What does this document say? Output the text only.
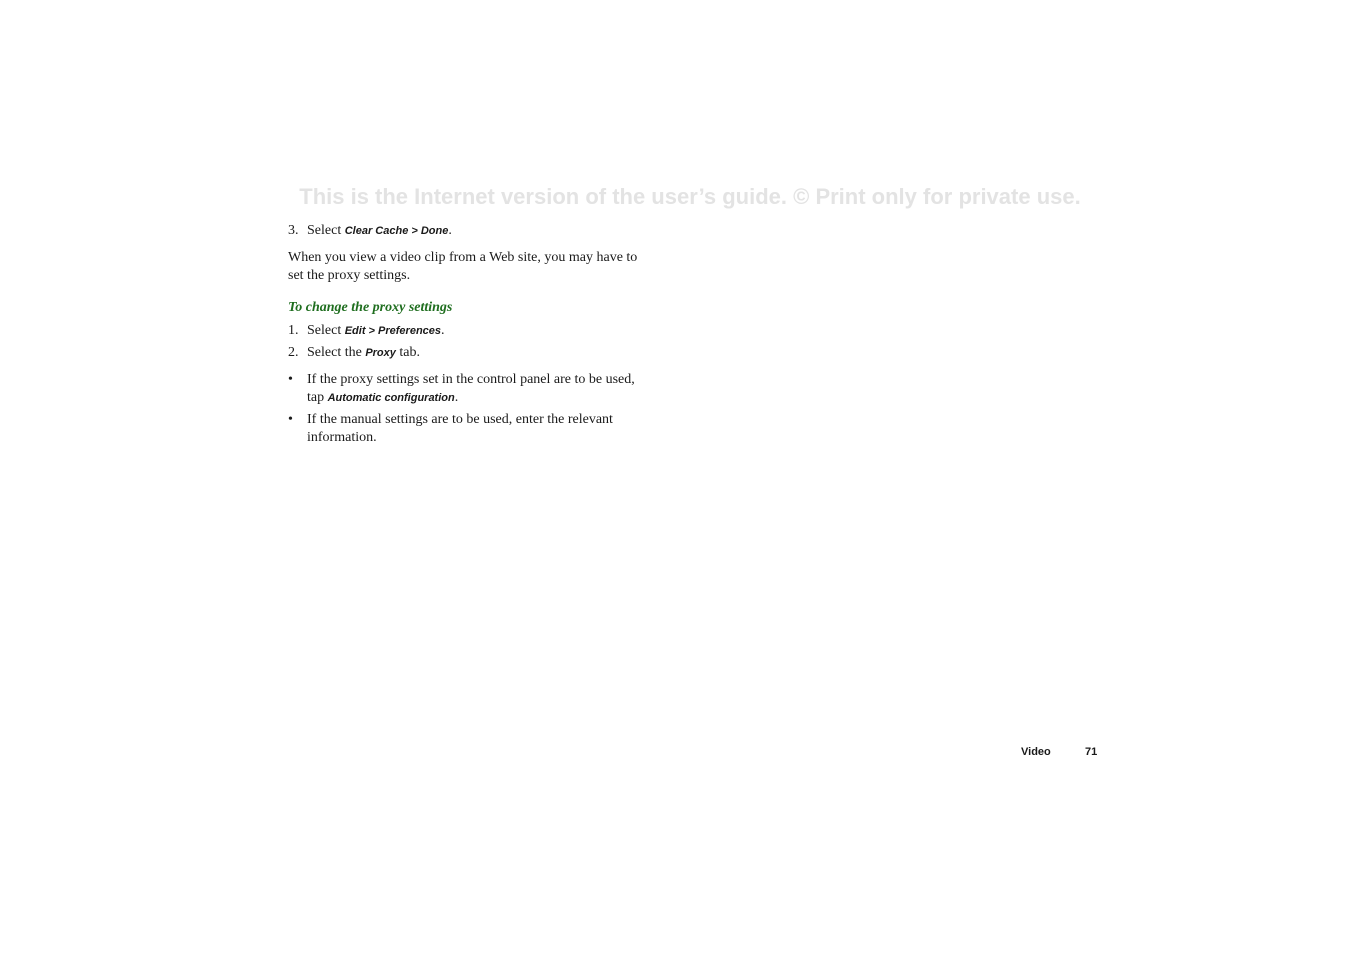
This is the Internet version of the user’s guide. © Print only for private use.

3. Select Clear Cache > Done.

When you view a video clip from a Web site, you may have to
set the proxy settings.

To change the proxy settings

1. Select Edit > Preferences.

2. Select the Proxy tab.

•	If the proxy settings set in the control panel are to be used,
tap Automatic configuration.
•	If the manual settings are to be used, enter the relevant
information.
Video	71
